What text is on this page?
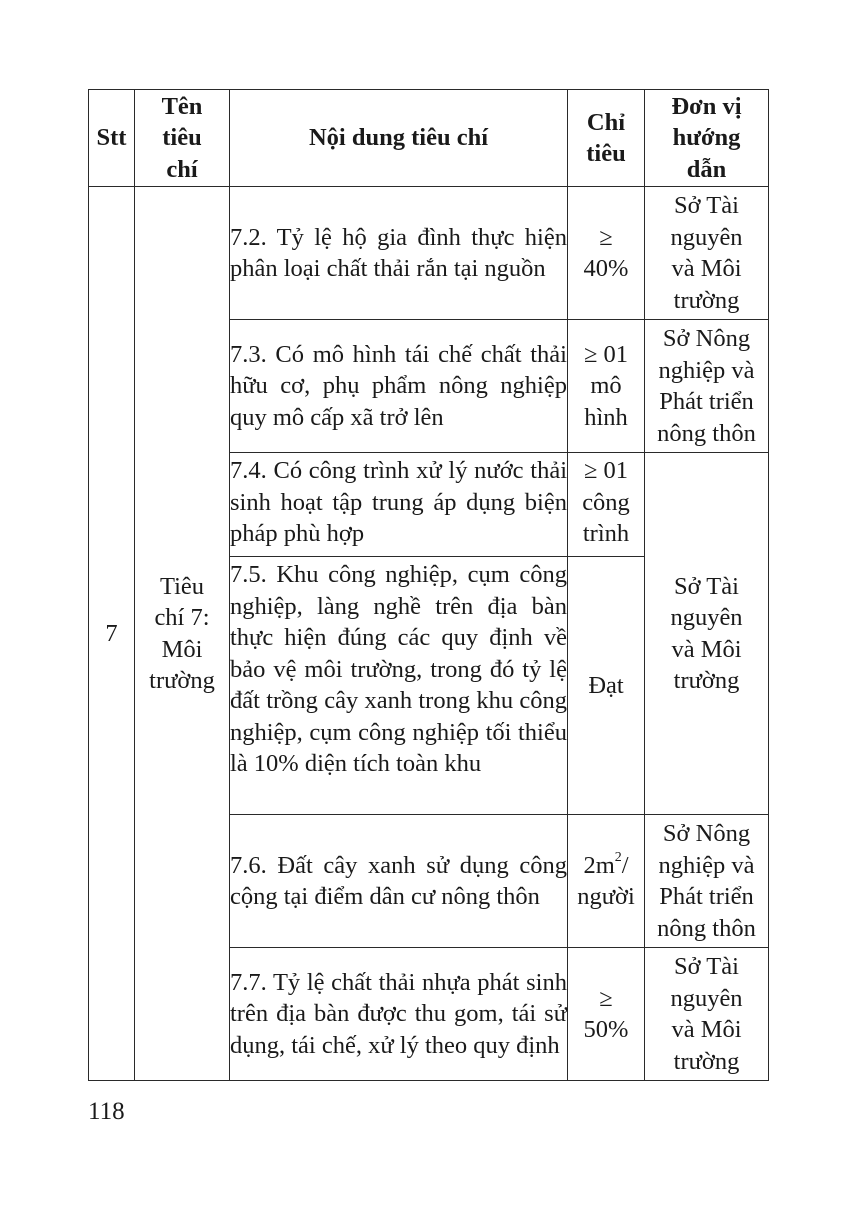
Stt	Tên
tiêu
chí	Nội dung tiêu chí	Chỉ
tiêu	Đơn vị
hướng
dẫn
7	Tiêu
chí 7:
Môi
trường	7.2. Tỷ lệ hộ gia đình thực hiện phân loại chất thải rắn tại nguồn	≥
40%	Sở Tài
nguyên
và Môi
trường

		7.3. Có mô hình tái chế chất thải hữu cơ, phụ phẩm nông nghiệp quy mô cấp xã trở lên	≥ 01
mô
hình	Sở Nông
nghiệp và
Phát triển
nông thôn

		7.4. Có công trình xử lý nước thải sinh hoạt tập trung áp dụng biện pháp phù hợp	≥ 01
công
trình	Sở Tài
nguyên
và Môi
trường

		7.5. Khu công nghiệp, cụm công nghiệp, làng nghề trên địa bàn thực hiện đúng các quy định về bảo vệ môi trường, trong đó tỷ lệ đất trồng cây xanh trong khu công nghiệp, cụm công nghiệp tối thiểu là 10% diện tích toàn khu	Đạt	

		7.6. Đất cây xanh sử dụng công cộng tại điểm dân cư nông thôn	$2m^2/$
người	Sở Nông
nghiệp và
Phát triển
nông thôn

		7.7. Tỷ lệ chất thải nhựa phát sinh trên địa bàn được thu gom, tái sử dụng, tái chế, xử lý theo quy định	≥
50%	Sở Tài
nguyên
và Môi
trường
118
